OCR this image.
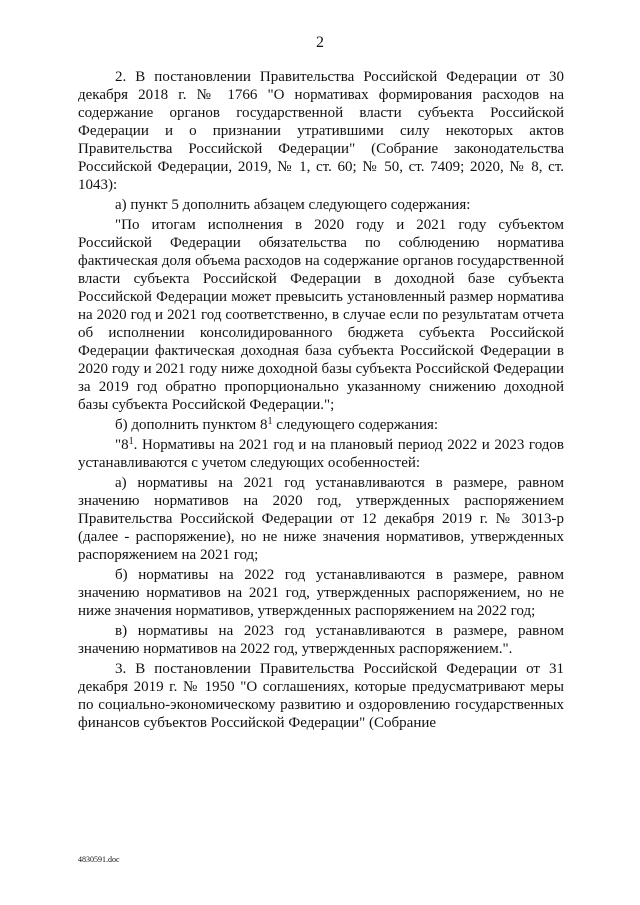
2

2. В постановлении Правительства Российской Федерации от 30 декабря 2018 г. № 1766 "О нормативах формирования расходов на содержание органов государственной власти субъекта Российской Федерации и о признании утратившими силу некоторых актов Правительства Российской Федерации" (Собрание законодательства Российской Федерации, 2019, № 1, ст. 60; № 50, ст. 7409; 2020, № 8, ст. 1043):

а) пункт 5 дополнить абзацем следующего содержания:

"По итогам исполнения в 2020 году и 2021 году субъектом Российской Федерации обязательства по соблюдению норматива фактическая доля объема расходов на содержание органов государственной власти субъекта Российской Федерации в доходной базе субъекта Российской Федерации может превысить установленный размер норматива на 2020 год и 2021 год соответственно, в случае если по результатам отчета об исполнении консолидированного бюджета субъекта Российской Федерации фактическая доходная база субъекта Российской Федерации в 2020 году и 2021 году ниже доходной базы субъекта Российской Федерации за 2019 год обратно пропорционально указанному снижению доходной базы субъекта Российской Федерации.";

б) дополнить пунктом $8^1$ следующего содержания:

"$8^1$. Нормативы на 2021 год и на плановый период 2022 и 2023 годов устанавливаются с учетом следующих особенностей:

а) нормативы на 2021 год устанавливаются в размере, равном значению нормативов на 2020 год, утвержденных распоряжением Правительства Российской Федерации от 12 декабря 2019 г. № 3013-р (далее - распоряжение), но не ниже значения нормативов, утвержденных распоряжением на 2021 год;

б) нормативы на 2022 год устанавливаются в размере, равном значению нормативов на 2021 год, утвержденных распоряжением, но не ниже значения нормативов, утвержденных распоряжением на 2022 год;

в) нормативы на 2023 год устанавливаются в размере, равном значению нормативов на 2022 год, утвержденных распоряжением.".

3. В постановлении Правительства Российской Федерации от 31 декабря 2019 г. № 1950 "О соглашениях, которые предусматривают меры по социально-экономическому развитию и оздоровлению государственных финансов субъектов Российской Федерации" (Собрание

4830591.doc
